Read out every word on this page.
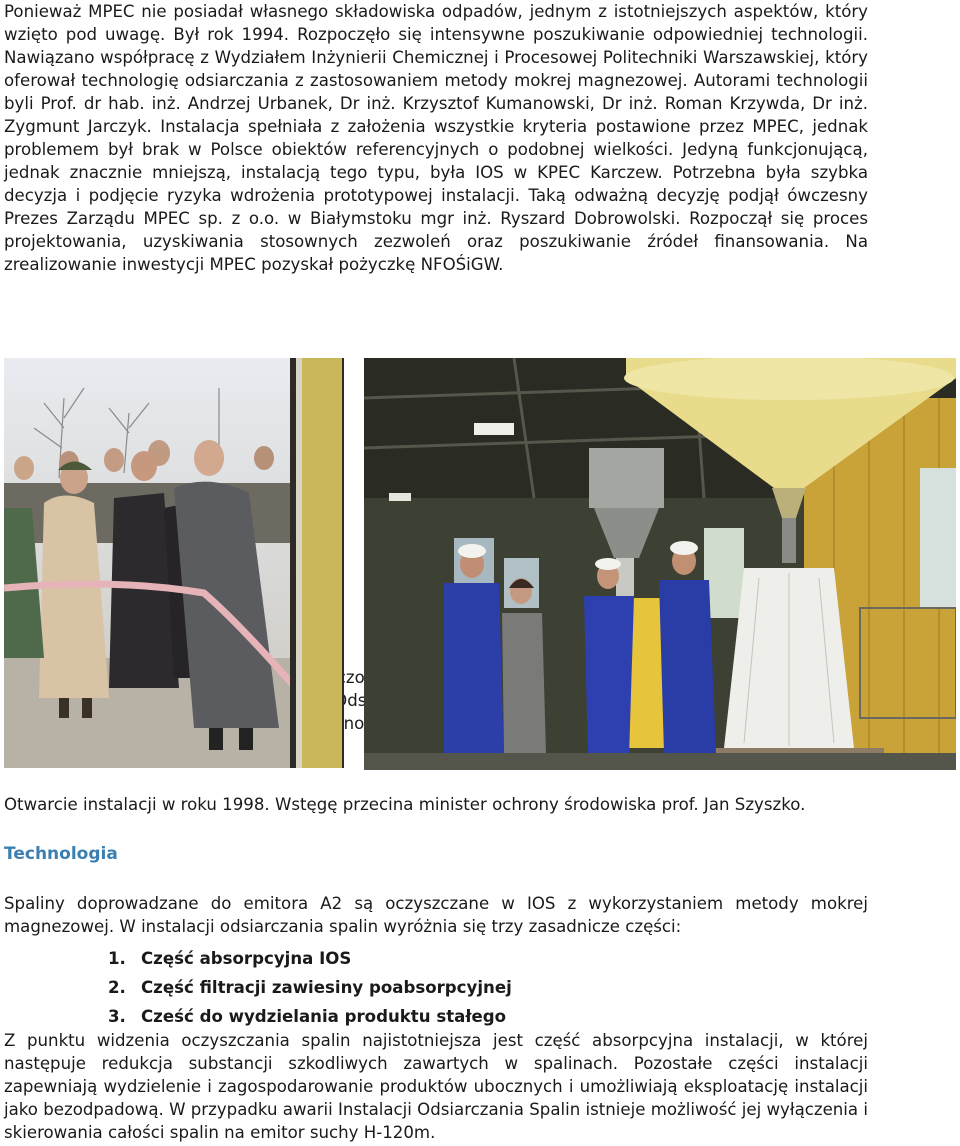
Ponieważ MPEC nie posiadał własnego składowiska odpadów, jednym z istotniejszych aspektów, który wzięto pod uwagę. Był rok 1994. Rozpoczęło się intensywne poszukiwanie odpowiedniej technologii. Nawiązano współpracę z Wydziałem Inżynierii Chemicznej i Procesowej Politechniki Warszawskiej, który oferował technologię odsiarczania z zastosowaniem metody mokrej magnezowej. Autorami technologii byli Prof. dr hab. inż. Andrzej Urbanek, Dr inż. Krzysztof Kumanowski, Dr inż. Roman Krzywda, Dr inż. Zygmunt Jarczyk. Instalacja spełniała z założenia wszystkie kryteria postawione przez MPEC, jednak problemem był brak w Polsce obiektów referencyjnych o podobnej wielkości. Jedyną funkcjonującą, jednak znacznie mniejszą, instalacją tego typu, była IOS w KPEC Karczew. Potrzebna była szybka decyzja i podjęcie ryzyka wdrożenia prototypowej instalacji. Taką odważną decyzję podjął ówczesny Prezes Zarządu MPEC sp. z o.o. w Białymstoku mgr inż. Ryszard Dobrowolski. Rozpoczął się proces projektowania, uzyskiwania stosownych zezwoleń oraz poszukiwanie źródeł finansowania. Na zrealizowanie inwestycji MPEC pozyskał pożyczkę NFOŚiGW.

Otwarcie instalacji w roku 1998. Wstęgę przecina minister ochrony środowiska prof. Jan Szyszko.
Technologia

Spaliny doprowadzane do emitora A2 są oczyszczane w IOS z wykorzystaniem metody mokrej magnezowej. W instalacji odsiarczania spalin wyróżnia się trzy zasadnicze części:

1. Część absorpcyjna IOS
2. Część filtracji zawiesiny poabsorpcyjnej
3. Cześć do wydzielania produktu stałego

Z punktu widzenia oczyszczania spalin najistotniejsza jest część absorpcyjna instalacji, w której następuje redukcja substancji szkodliwych zawartych w spalinach. Pozostałe części instalacji zapewniają wydzielenie i zagospodarowanie produktów ubocznych i umożliwiają eksploatację instalacji jako bezodpadową. W przypadku awarii Instalacji Odsiarczania Spalin istnieje możliwość jej wyłączenia i skierowania całości spalin na emitor suchy H-120m.
